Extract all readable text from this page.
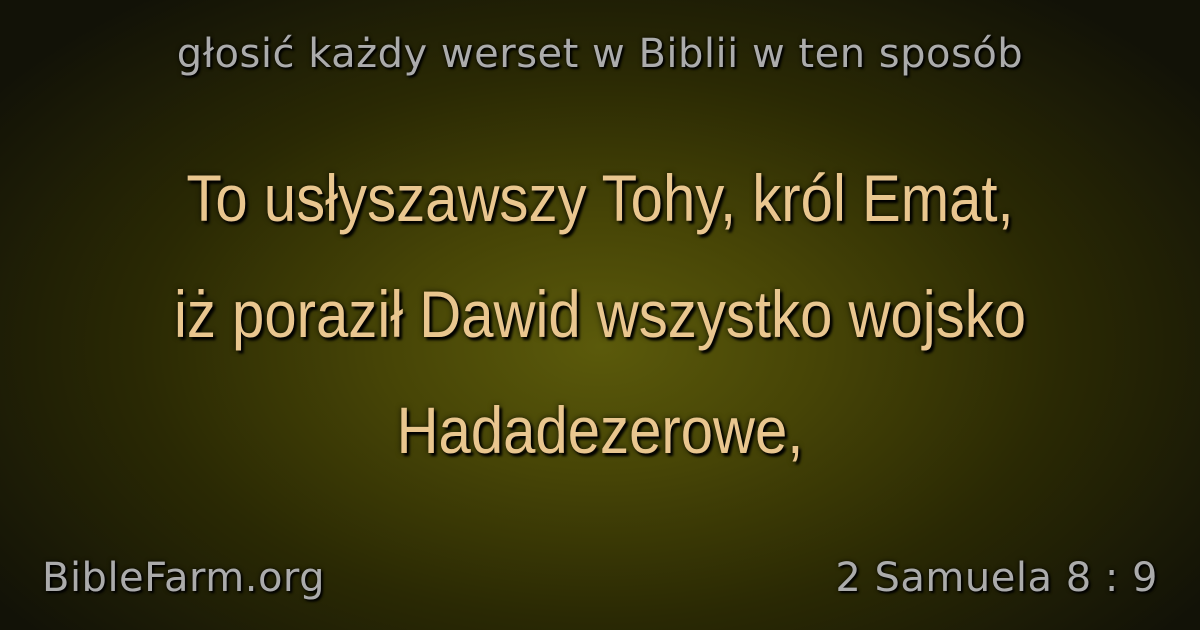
głosić każdy werset w Biblii w ten sposób
To usłyszawszy Tohy, król Emat,
iż poraził Dawid wszystko wojsko
Hadadezerowe,
BibleFarm.org	2 Samuela 8 : 9
